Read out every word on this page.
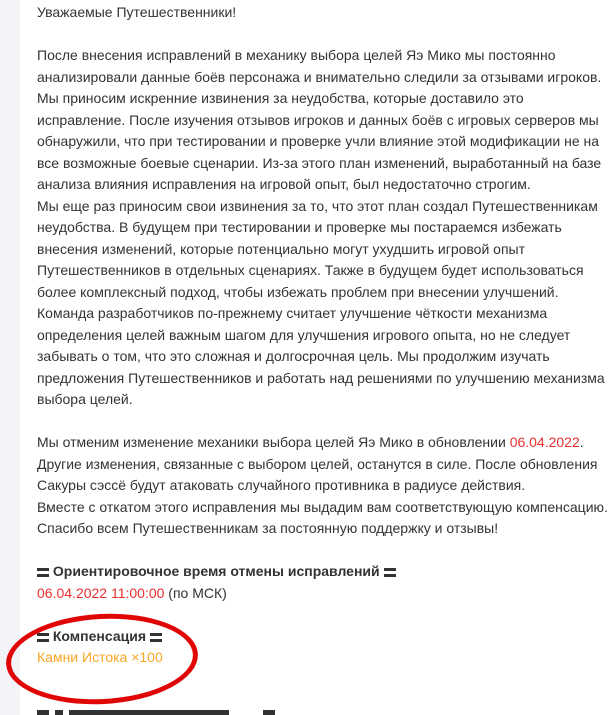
Уважаемые Путешественники!
После внесения исправлений в механику выбора целей Яэ Мико мы постоянно
анализировали данные боёв персонажа и внимательно следили за отзывами игроков.
Мы приносим искренние извинения за неудобства, которые доставило это
исправление. После изучения отзывов игроков и данных боёв с игровых серверов мы
обнаружили, что при тестировании и проверке учли влияние этой модификации не на
все возможные боевые сценарии. Из-за этого план изменений, выработанный на базе
анализа влияния исправления на игровой опыт, был недостаточно строгим.
Мы еще раз приносим свои извинения за то, что этот план создал Путешественникам
неудобства. В будущем при тестировании и проверке мы постараемся избежать
внесения изменений, которые потенциально могут ухудшить игровой опыт
Путешественников в отдельных сценариях. Также в будущем будет использоваться
более комплексный подход, чтобы избежать проблем при внесении улучшений.
Команда разработчиков по-прежнему считает улучшение чёткости механизма
определения целей важным шагом для улучшения игрового опыта, но не следует
забывать о том, что это сложная и долгосрочная цель. Мы продолжим изучать
предложения Путешественников и работать над решениями по улучшению механизма
выбора целей.
Мы отменим изменение механики выбора целей Яэ Мико в обновлении 06.04.2022.
Другие изменения, связанные с выбором целей, останутся в силе. После обновления
Сакуры сэссё будут атаковать случайного противника в радиусе действия.
Вместе с откатом этого исправления мы выдадим вам соответствующую компенсацию.
Спасибо всем Путешественникам за постоянную поддержку и отзывы!
Ориентировочное время отмены исправлений
06.04.2022 11:00:00 (по МСК)
Компенсация
Камни Истока ×100
